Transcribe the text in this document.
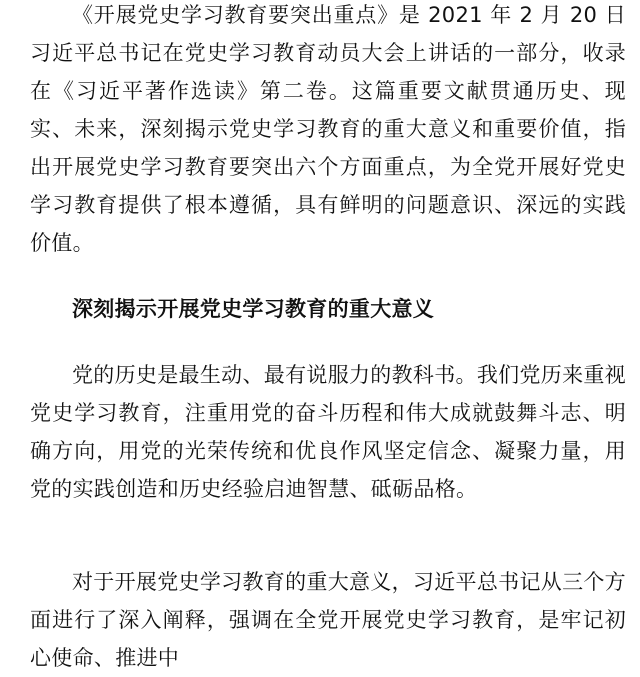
《开展党史学习教育要突出重点》是 2021 年 2 月 20 日习近平总书记在党史学习教育动员大会上讲话的一部分，收录在《习近平著作选读》第二卷。这篇重要文献贯通历史、现实、未来，深刻揭示党史学习教育的重大意义和重要价值，指出开展党史学习教育要突出六个方面重点，为全党开展好党史学习教育提供了根本遵循，具有鲜明的问题意识、深远的实践价值。
深刻揭示开展党史学习教育的重大意义
党的历史是最生动、最有说服力的教科书。我们党历来重视党史学习教育，注重用党的奋斗历程和伟大成就鼓舞斗志、明确方向，用党的光荣传统和优良作风坚定信念、凝聚力量，用党的实践创造和历史经验启迪智慧、砥砺品格。
对于开展党史学习教育的重大意义，习近平总书记从三个方面进行了深入阐释，强调在全党开展党史学习教育，是牢记初心使命、推进中
